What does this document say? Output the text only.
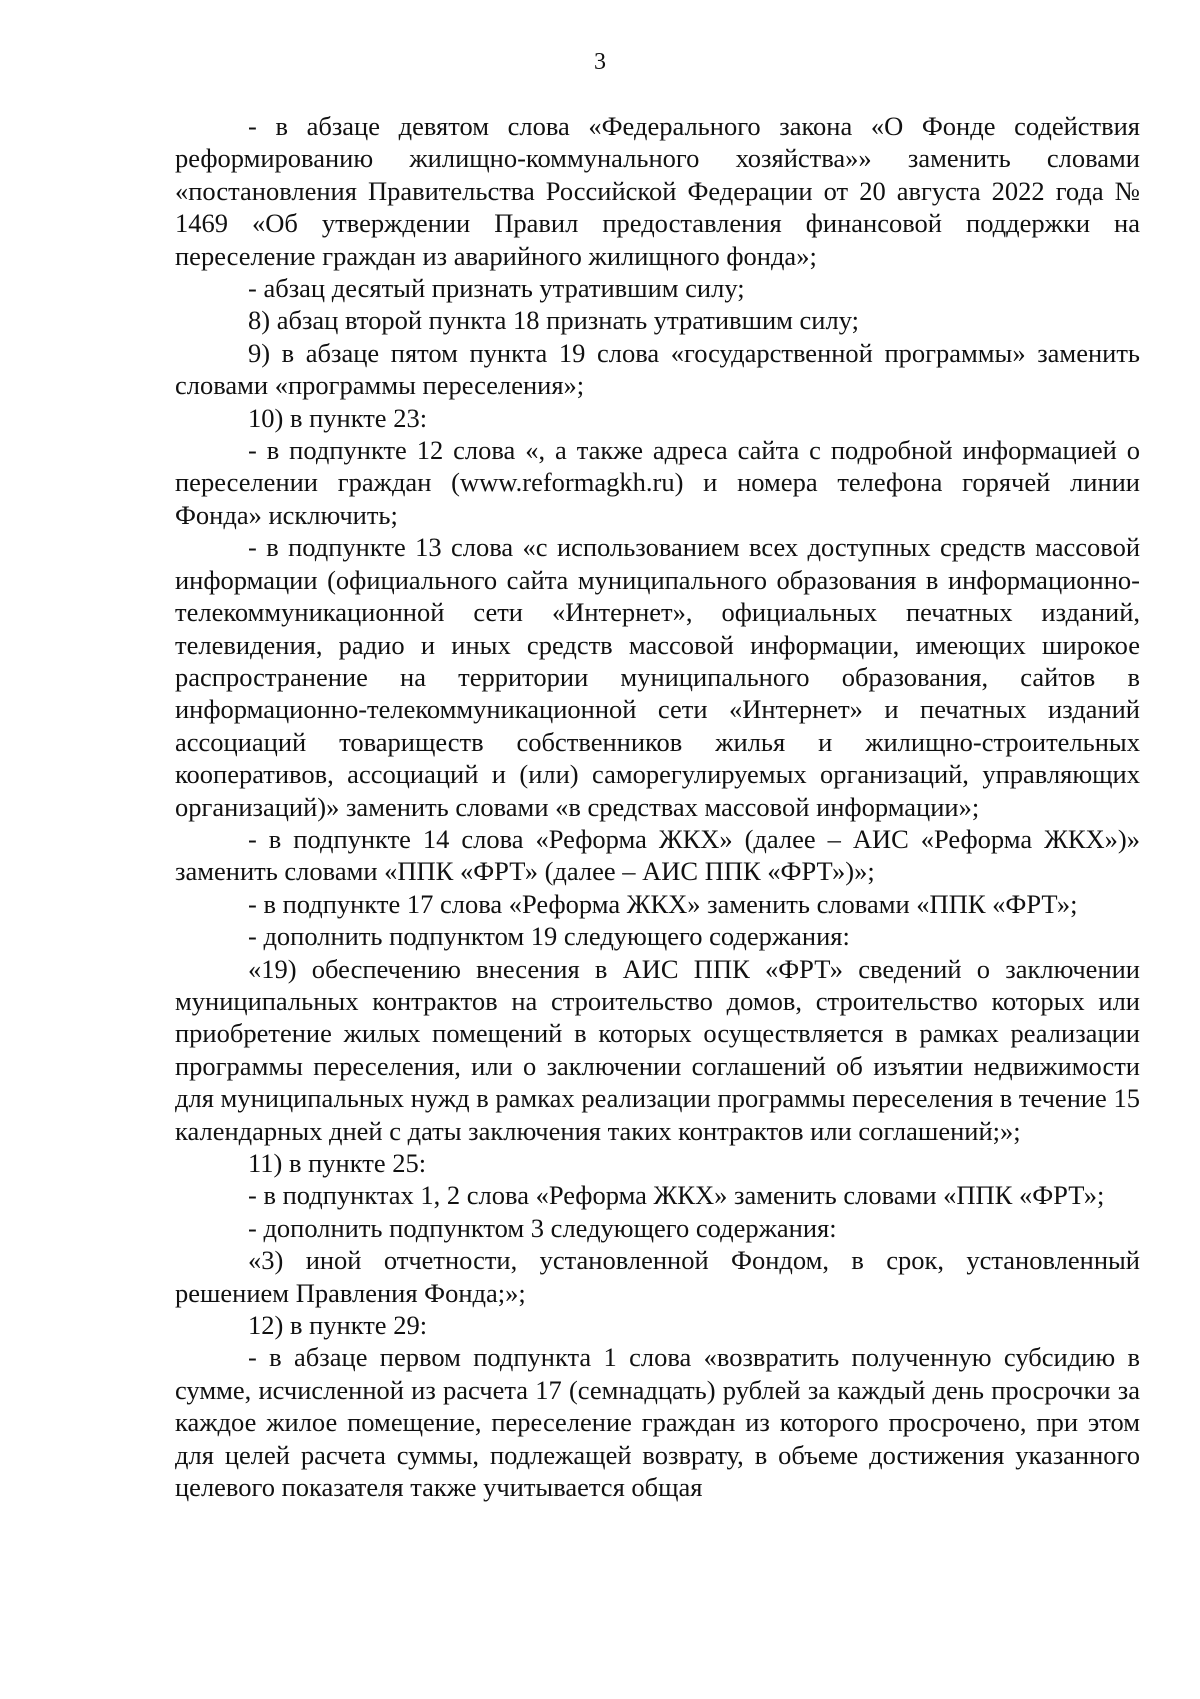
3

- в абзаце девятом слова «Федерального закона «О Фонде содействия реформированию жилищно-коммунального хозяйства»» заменить словами «постановления Правительства Российской Федерации от 20 августа 2022 года № 1469 «Об утверждении Правил предоставления финансовой поддержки на переселение граждан из аварийного жилищного фонда»;

- абзац десятый признать утратившим силу;

8) абзац второй пункта 18 признать утратившим силу;

9) в абзаце пятом пункта 19 слова «государственной программы» заменить словами «программы переселения»;

10) в пункте 23:

- в подпункте 12 слова «, а также адреса сайта с подробной информацией о переселении граждан (www.reformagkh.ru) и номера телефона горячей линии Фонда» исключить;

- в подпункте 13 слова «с использованием всех доступных средств массовой информации (официального сайта муниципального образования в информационно-телекоммуникационной сети «Интернет», официальных печатных изданий, телевидения, радио и иных средств массовой информации, имеющих широкое распространение на территории муниципального образования, сайтов в информационно-телекоммуникационной сети «Интернет» и печатных изданий ассоциаций товариществ собственников жилья и жилищно-строительных кооперативов, ассоциаций и (или) саморегулируемых организаций, управляющих организаций)» заменить словами «в средствах массовой информации»;

- в подпункте 14 слова «Реформа ЖКХ» (далее – АИС «Реформа ЖКХ»)» заменить словами «ППК «ФРТ» (далее – АИС ППК «ФРТ»)»;

- в подпункте 17 слова «Реформа ЖКХ» заменить словами «ППК «ФРТ»;

- дополнить подпунктом 19 следующего содержания:

«19) обеспечению внесения в АИС ППК «ФРТ» сведений о заключении муниципальных контрактов на строительство домов, строительство которых или приобретение жилых помещений в которых осуществляется в рамках реализации программы переселения, или о заключении соглашений об изъятии недвижимости для муниципальных нужд в рамках реализации программы переселения в течение 15 календарных дней с даты заключения таких контрактов или соглашений;»;

11) в пункте 25:

- в подпунктах 1, 2 слова «Реформа ЖКХ» заменить словами «ППК «ФРТ»;

- дополнить подпунктом 3 следующего содержания:

«3) иной отчетности, установленной Фондом, в срок, установленный решением Правления Фонда;»;

12) в пункте 29:

- в абзаце первом подпункта 1 слова «возвратить полученную субсидию в сумме, исчисленной из расчета 17 (семнадцать) рублей за каждый день просрочки за каждое жилое помещение, переселение граждан из которого просрочено, при этом для целей расчета суммы, подлежащей возврату, в объеме достижения указанного целевого показателя также учитывается общая
